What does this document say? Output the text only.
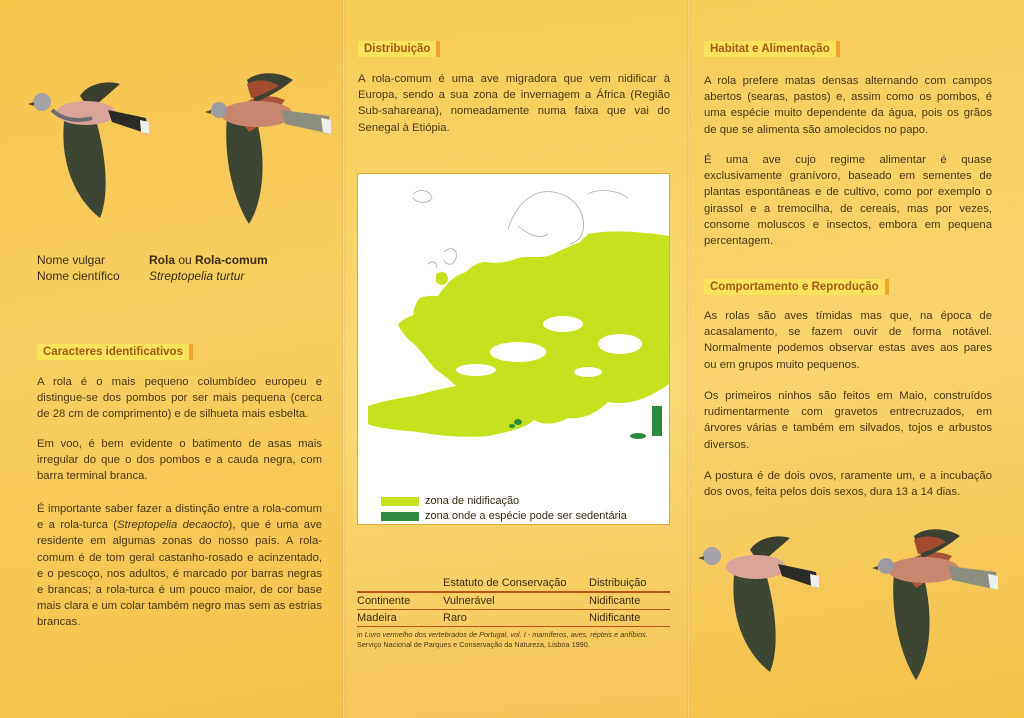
Nome vulgar	Rola ou Rola-comum
Nome científico	Streptopelia turtur
Caracteres identificativos

A rola é o mais pequeno columbídeo europeu e distingue-se dos pombos por ser mais pequena (cerca de 28 cm de comprimento) e de silhueta mais esbelta.

Em voo, é bem evidente o batimento de asas mais irregular do que o dos pombos e a cauda negra, com barra terminal branca.

É importante saber fazer a distinção entre a rola-comum e a rola-turca (Streptopelia decaocto), que é uma ave residente em algumas zonas do nosso país. A rola-comum é de tom geral castanho-rosado e acinzentado, e o pescoço, nos adultos, é marcado por barras negras e brancas; a rola-turca é um pouco maior, de cor base mais clara e um colar também negro mas sem as estrias brancas.

Distribuição

A rola-comum é uma ave migradora que vem nidificar à Europa, sendo a sua zona de invernagem a África (Região Sub-sahareana), nomeadamente numa faixa que vai do Senegal à Etiópia.

zona de nidificação
zona onde a espécie pode ser sedentária
	Estatuto de Conservação	Distribuição
Continente	Vulnerável	Nidificante
Madeira	Raro	Nidificante
in Livro vermelho dos vertebrados de Portugal, vol. I - mamíferos, aves, répteis e anfíbios. Serviço Nacional de Parques e Conservação da Natureza, Lisboa 1990.
Habitat e Alimentação

A rola prefere matas densas alternando com campos abertos (searas, pastos) e, assim como os pombos, é uma espécie muito dependente da água, pois os grãos de que se alimenta são amolecidos no papo.

É uma ave cujo regime alimentar é quase exclusivamente granívoro, baseado em sementes de plantas espontâneas e de cultivo, como por exemplo o girassol e a tremocilha, de cereais, mas por vezes, consome moluscos e insectos, embora em pequena percentagem.

Comportamento e Reprodução

As rolas são aves tímidas mas que, na época de acasalamento, se fazem ouvir de forma notável. Normalmente podemos observar estas aves aos pares ou em grupos muito pequenos.

Os primeiros ninhos são feitos em Maio, construídos rudimentarmente com gravetos entrecruzados, em árvores várias e também em silvados, tojos e arbustos diversos.

A postura é de dois ovos, raramente um, e a incubação dos ovos, feita pelos dois sexos, dura 13 a 14 dias.
